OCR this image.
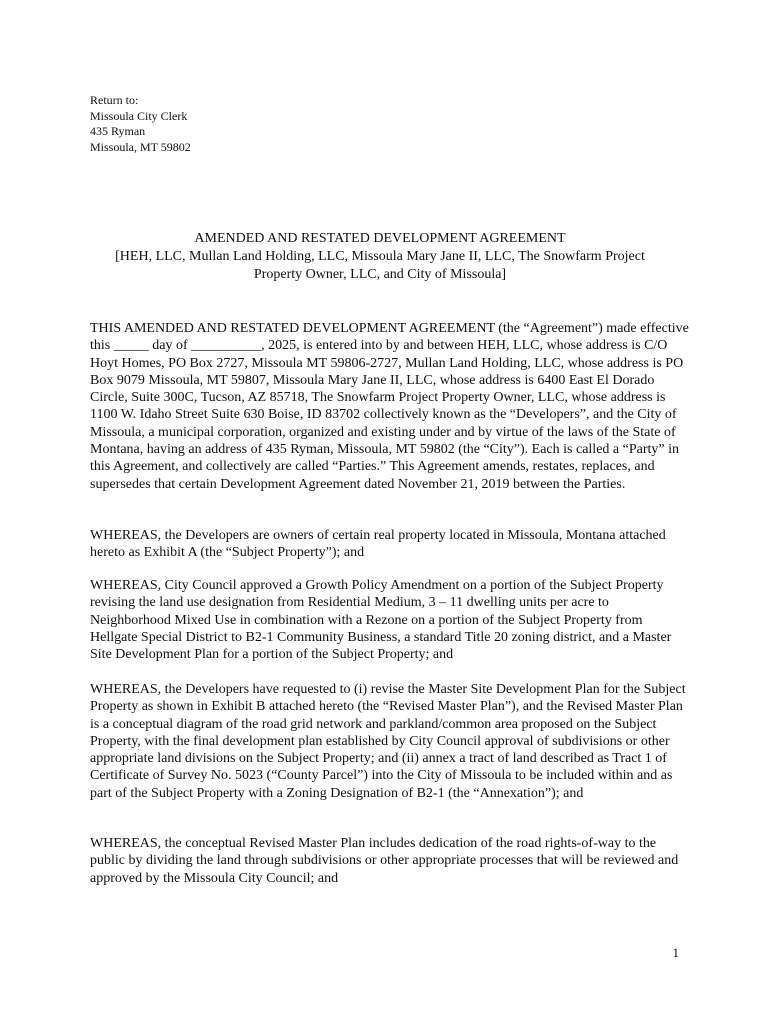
Return to:
Missoula City Clerk
435 Ryman
Missoula, MT 59802
AMENDED AND RESTATED DEVELOPMENT AGREEMENT
[HEH, LLC, Mullan Land Holding, LLC, Missoula Mary Jane II, LLC, The Snowfarm Project
Property Owner, LLC, and City of Missoula]

THIS AMENDED AND RESTATED DEVELOPMENT AGREEMENT (the “Agreement”) made effective this _____ day of __________, 2025, is entered into by and between HEH, LLC, whose address is C/O Hoyt Homes, PO Box 2727, Missoula MT 59806-2727, Mullan Land Holding, LLC, whose address is PO Box 9079 Missoula, MT 59807, Missoula Mary Jane II, LLC, whose address is 6400 East El Dorado Circle, Suite 300C, Tucson, AZ 85718, The Snowfarm Project Property Owner, LLC, whose address is 1100 W. Idaho Street Suite 630 Boise, ID 83702 collectively known as the “Developers”, and the City of Missoula, a municipal corporation, organized and existing under and by virtue of the laws of the State of Montana, having an address of 435 Ryman, Missoula, MT 59802 (the “City”). Each is called a “Party” in this Agreement, and collectively are called “Parties.” This Agreement amends, restates, replaces, and supersedes that certain Development Agreement dated November 21, 2019 between the Parties.

WHEREAS, the Developers are owners of certain real property located in Missoula, Montana attached hereto as Exhibit A (the “Subject Property”); and

WHEREAS, City Council approved a Growth Policy Amendment on a portion of the Subject Property revising the land use designation from Residential Medium, 3 – 11 dwelling units per acre to Neighborhood Mixed Use in combination with a Rezone on a portion of the Subject Property from Hellgate Special District to B2-1 Community Business, a standard Title 20 zoning district, and a Master Site Development Plan for a portion of the Subject Property; and

WHEREAS, the Developers have requested to (i) revise the Master Site Development Plan for the Subject Property as shown in Exhibit B attached hereto (the “Revised Master Plan”), and the Revised Master Plan is a conceptual diagram of the road grid network and parkland/common area proposed on the Subject Property, with the final development plan established by City Council approval of subdivisions or other appropriate land divisions on the Subject Property; and (ii) annex a tract of land described as Tract 1 of Certificate of Survey No. 5023 (“County Parcel”) into the City of Missoula to be included within and as part of the Subject Property with a Zoning Designation of B2-1 (the “Annexation”); and

WHEREAS, the conceptual Revised Master Plan includes dedication of the road rights-of-way to the public by dividing the land through subdivisions or other appropriate processes that will be reviewed and approved by the Missoula City Council; and

1
